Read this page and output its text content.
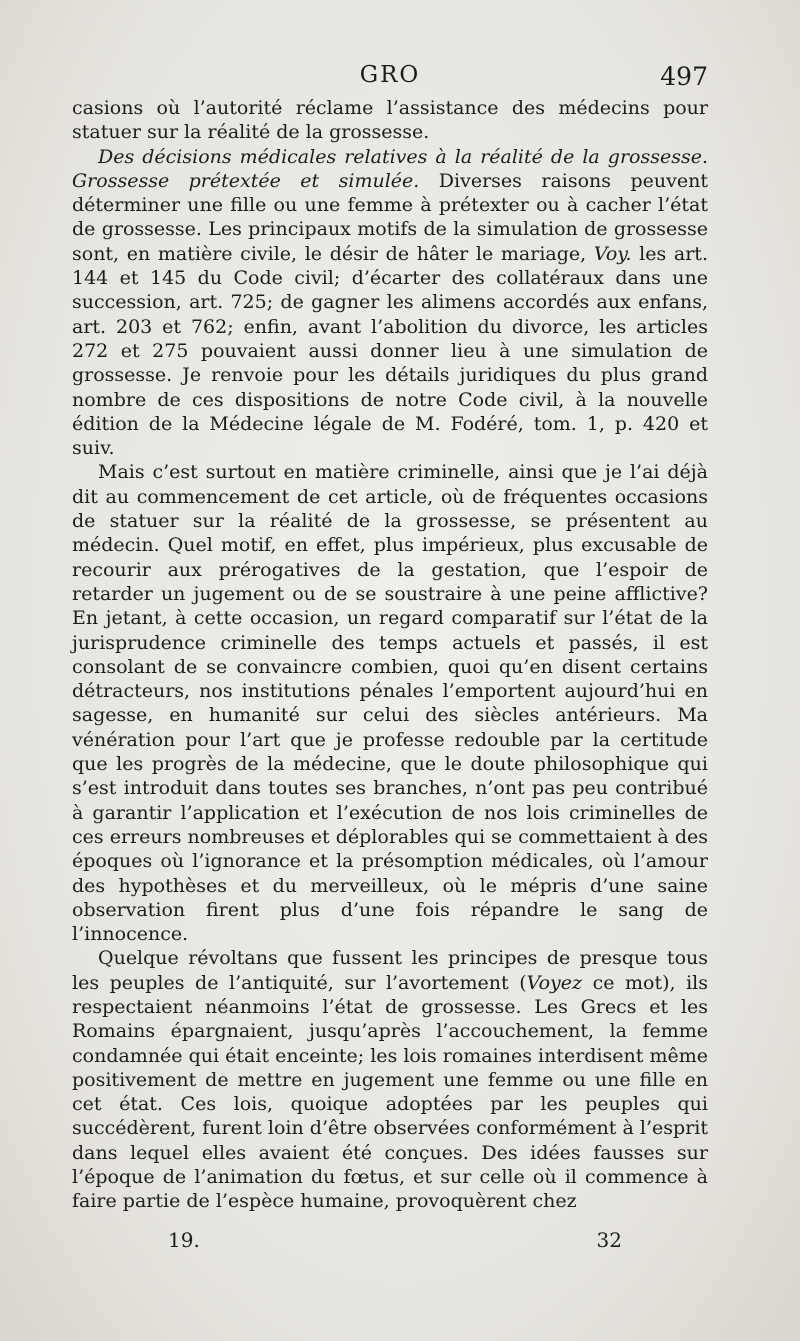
GRO	497

casions où l’autorité réclame l’assistance des médecins pour statuer sur la réalité de la grossesse.

Des décisions médicales relatives à la réalité de la grossesse. Grossesse prétextée et simulée. Diverses raisons peuvent déterminer une fille ou une femme à prétexter ou à cacher l’état de grossesse. Les principaux motifs de la simulation de grossesse sont, en matière civile, le désir de hâter le mariage, Voy. les art. 144 et 145 du Code civil; d’écarter des collatéraux dans une succession, art. 725; de gagner les alimens accordés aux enfans, art. 203 et 762; enfin, avant l’abolition du divorce, les articles 272 et 275 pouvaient aussi donner lieu à une simulation de grossesse. Je renvoie pour les détails juridiques du plus grand nombre de ces dispositions de notre Code civil, à la nouvelle édition de la Médecine légale de M. Fodéré, tom. 1, p. 420 et suiv.

Mais c’est surtout en matière criminelle, ainsi que je l’ai déjà dit au commencement de cet article, où de fréquentes occasions de statuer sur la réalité de la grossesse, se présentent au médecin. Quel motif, en effet, plus impérieux, plus excusable de recourir aux prérogatives de la gestation, que l’espoir de retarder un jugement ou de se soustraire à une peine afflictive? En jetant, à cette occasion, un regard comparatif sur l’état de la jurisprudence criminelle des temps actuels et passés, il est consolant de se convaincre combien, quoi qu’en disent certains détracteurs, nos institutions pénales l’emportent aujourd’hui en sagesse, en humanité sur celui des siècles antérieurs. Ma vénération pour l’art que je professe redouble par la certitude que les progrès de la médecine, que le doute philosophique qui s’est introduit dans toutes ses branches, n’ont pas peu contribué à garantir l’application et l’exécution de nos lois criminelles de ces erreurs nombreuses et déplorables qui se commettaient à des époques où l’ignorance et la présomption médicales, où l’amour des hypothèses et du merveilleux, où le mépris d’une saine observation firent plus d’une fois répandre le sang de l’innocence.

Quelque révoltans que fussent les principes de presque tous les peuples de l’antiquité, sur l’avortement (Voyez ce mot), ils respectaient néanmoins l’état de grossesse. Les Grecs et les Romains épargnaient, jusqu’après l’accouchement, la femme condamnée qui était enceinte; les lois romaines interdisent même positivement de mettre en jugement une femme ou une fille en cet état. Ces lois, quoique adoptées par les peuples qui succédèrent, furent loin d’être observées conformément à l’esprit dans lequel elles avaient été conçues. Des idées fausses sur l’époque de l’animation du fœtus, et sur celle où il commence à faire partie de l’espèce humaine, provoquèrent chez

19.	32
